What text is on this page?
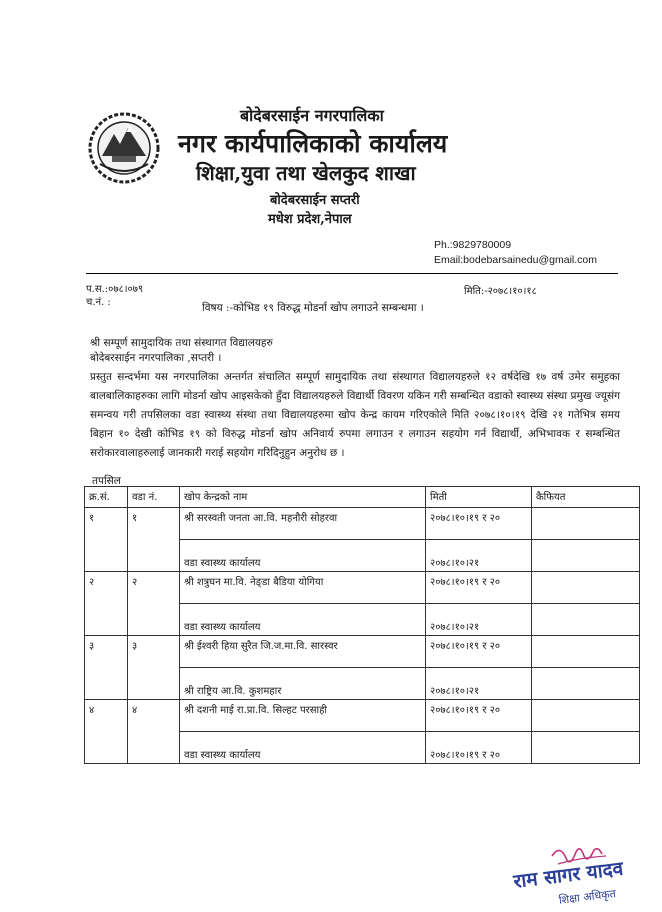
बोदेबरसाईन नगरपालिका
नगर कार्यपालिकाको कार्यालय
शिक्षा,युवा तथा खेलकुद शाखा
बोदेबरसाईन सप्तरी
मधेश प्रदेश,नेपाल
Ph.:9829780009
Email:bodebarsainedu@gmail.com
प.स.:०७८।०७९
च.नं. :
मिति:-२०७८।१०।१८
विषय :-कोभिड १९ विरुद्ध मोडर्ना खोप लगाउने सम्बन्धमा ।
श्री सम्पूर्ण सामुदायिक तथा संस्थागत विद्यालयहरु
बोदेबरसाईन नगरपालिका ,सप्तरी ।
प्रस्तुत सन्दर्भमा यस नगरपालिका अन्तर्गत संचालित सम्पूर्ण सामुदायिक तथा संस्थागत विद्यालयहरुले १२ वर्षदेखि १७ वर्ष उमेर समुहका बालबालिकाहरुका लागि मोडर्ना खोप आइसकेको हुँदा विद्यालयहरुले विद्यार्थी विवरण यकिन गरी सम्बन्धित वडाको स्वास्थ्य संस्था प्रमुख ज्यूसंग समन्वय गरी तपसिलका वडा स्वास्थ्य संस्था तथा विद्यालयहरुमा खोप केन्द्र कायम गरिएकोले मिति २०७८।१०।१९ देखि २१ गतेभित्र समय बिहान १० देखी कोभिड १९ को विरुद्ध मोडर्ना खोप अनिवार्य रुपमा लगाउन र लगाउन सहयोग गर्न विद्यार्थी, अभिभावक र सम्बन्धित सरोकारवालाहरुलाई जानकारी गराई सहयोग गरिदिनुहुन अनुरोध छ ।
तपसिल
क्र.सं.	वडा नं.	खोप केन्द्रको नाम	मिती	कैफियत
१	१	श्री सरस्वती जनता आ.वि. महनौरी सोहरवा	२०७८।१०।१९ र २०	
		वडा स्वास्थ्य कार्यालय	२०७८।१०।२१	
२	२	श्री शत्रुघन मा.वि. नेङ्डा बैडिया योगिया	२०७८।१०।१९ र २०	
		वडा स्वास्थ्य कार्यालय	२०७८।१०।२१	
३	३	श्री ईश्वरी हिया सुरैत जि.ज.मा.वि. सारस्वर	२०७८।१०।१९ र २०	
		श्री राष्ट्रिय आ.वि. कुशमहार	२०७८।१०।२१	
४	४	श्री दशनी माई रा.प्रा.वि. सिल्हट परसाही	२०७८।१०।१९ र २०	
		वडा स्वास्थ्य कार्यालय	२०७८।१०।१९ र २०	
राम सागर यादव
शिक्षा अधिकृत
